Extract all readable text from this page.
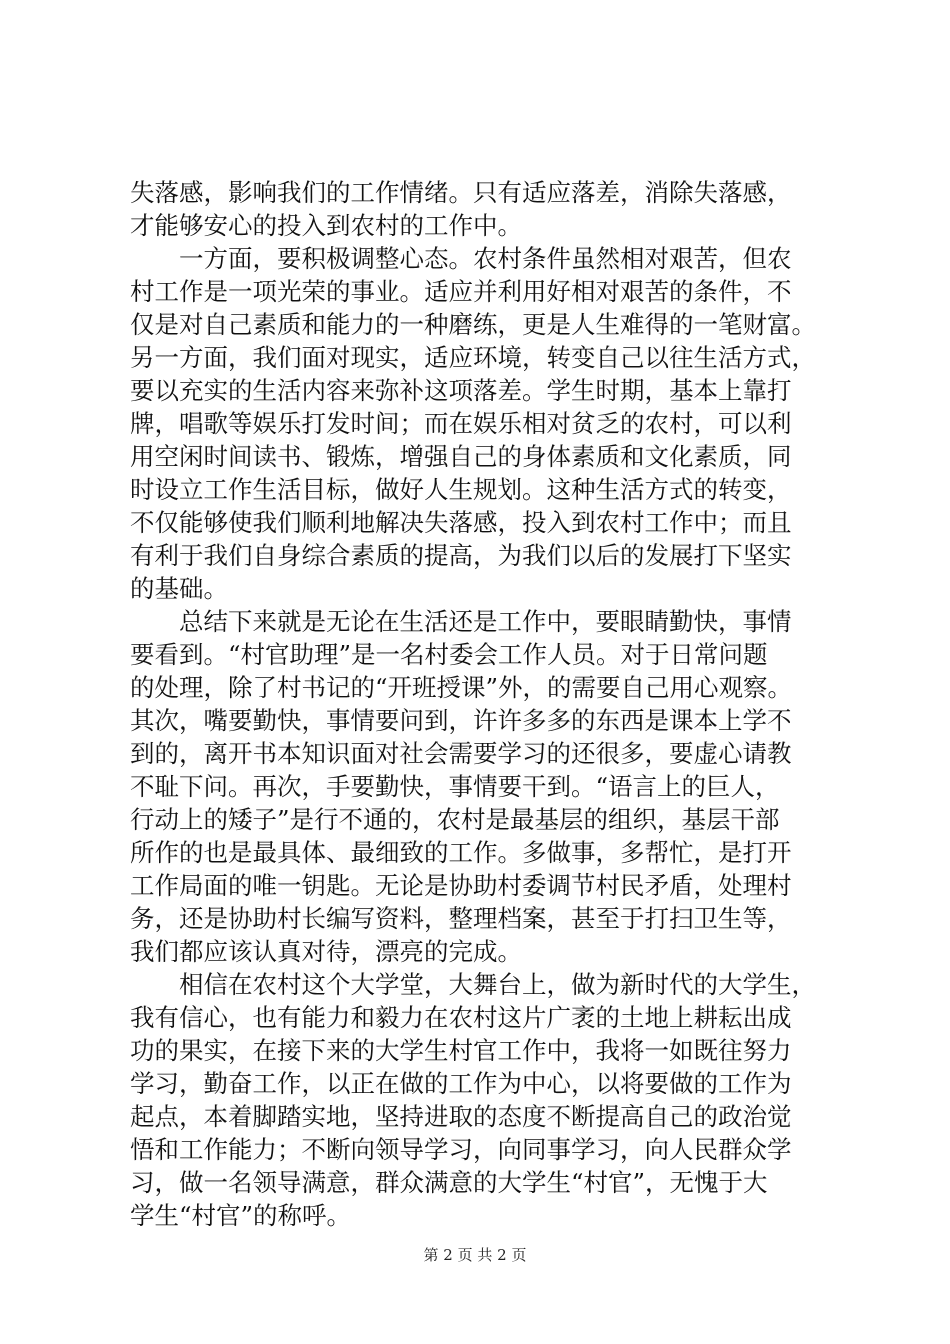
失落感，影响我们的工作情绪。只有适应落差，消除失落感，
才能够安心的投入到农村的工作中。
　　一方面，要积极调整心态。农村条件虽然相对艰苦，但农
村工作是一项光荣的事业。适应并利用好相对艰苦的条件，不
仅是对自己素质和能力的一种磨练，更是人生难得的一笔财富。
另一方面，我们面对现实，适应环境，转变自己以往生活方式，
要以充实的生活内容来弥补这项落差。学生时期，基本上靠打
牌，唱歌等娱乐打发时间；而在娱乐相对贫乏的农村，可以利
用空闲时间读书、锻炼，增强自己的身体素质和文化素质，同
时设立工作生活目标，做好人生规划。这种生活方式的转变，
不仅能够使我们顺利地解决失落感，投入到农村工作中；而且
有利于我们自身综合素质的提高，为我们以后的发展打下坚实
的基础。
　　总结下来就是无论在生活还是工作中，要眼睛勤快，事情
要看到。“村官助理”是一名村委会工作人员。对于日常问题
的处理，除了村书记的“开班授课”外，的需要自己用心观察。
其次，嘴要勤快，事情要问到，许许多多的东西是课本上学不
到的，离开书本知识面对社会需要学习的还很多，要虚心请教
不耻下问。再次，手要勤快，事情要干到。“语言上的巨人，
行动上的矮子”是行不通的，农村是最基层的组织，基层干部
所作的也是最具体、最细致的工作。多做事，多帮忙，是打开
工作局面的唯一钥匙。无论是协助村委调节村民矛盾，处理村
务，还是协助村长编写资料，整理档案，甚至于打扫卫生等，
我们都应该认真对待，漂亮的完成。
　　相信在农村这个大学堂，大舞台上，做为新时代的大学生，
我有信心，也有能力和毅力在农村这片广袤的土地上耕耘出成
功的果实，在接下来的大学生村官工作中，我将一如既往努力
学习，勤奋工作，以正在做的工作为中心，以将要做的工作为
起点，本着脚踏实地，坚持进取的态度不断提高自己的政治觉
悟和工作能力；不断向领导学习，向同事学习，向人民群众学
习，做一名领导满意，群众满意的大学生“村官”，无愧于大
学生“村官”的称呼。
第 2 页 共 2 页
